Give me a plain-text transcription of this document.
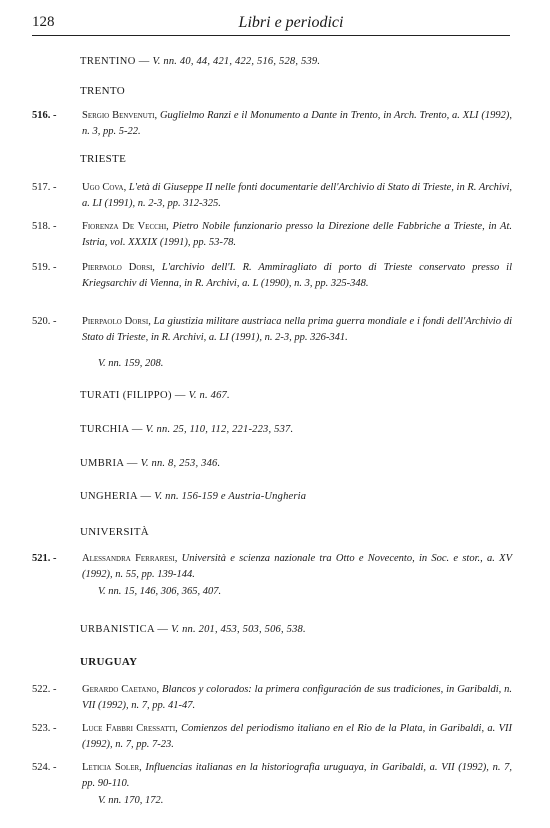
128	Libri e periodici
TRENTINO — V. nn. 40, 44, 421, 422, 516, 528, 539.
TRENTO
516. - Sergio Benvenuti, Guglielmo Ranzi e il Monumento a Dante in Trento, in Arch. Trento, a. XLI (1992), n. 3, pp. 5-22.
TRIESTE
517. - Ugo Cova, L'età di Giuseppe II nelle fonti documentarie dell'Archivio di Stato di Trieste, in R. Archivi, a. LI (1991), n. 2-3, pp. 312-325.
518. - Fiorenza De Vecchi, Pietro Nobile funzionario presso la Direzione delle Fabbriche a Trieste, in At. Istria, vol. XXXIX (1991), pp. 53-78.
519. - Pierpaolo Dorsi, L'archivio dell'I. R. Ammiragliato di porto di Trieste conservato presso il Kriegsarchiv di Vienna, in R. Archivi, a. L (1990), n. 3, pp. 325-348.
520. - Pierpaolo Dorsi, La giustizia militare austriaca nella prima guerra mondiale e i fondi dell'Archivio di Stato di Trieste, in R. Archivi, a. LI (1991), n. 2-3, pp. 326-341.
V. nn. 159, 208.
TURATI (FILIPPO) — V. n. 467.
TURCHIA — V. nn. 25, 110, 112, 221-223, 537.
UMBRIA — V. nn. 8, 253, 346.
UNGHERIA — V. nn. 156-159 e Austria-Ungheria
UNIVERSITÀ
521. - Alessandra Ferraresi, Università e scienza nazionale tra Otto e Novecento, in Soc. e stor., a. XV (1992), n. 55, pp. 139-144.
V. nn. 15, 146, 306, 365, 407.
URBANISTICA — V. nn. 201, 453, 503, 506, 538.
URUGUAY
522. - Gerardo Caetano, Blancos y colorados: la primera configuración de sus tradiciones, in Garibaldi, n. VII (1992), n. 7, pp. 41-47.
523. - Luce Fabbri Cressatti, Comienzos del periodismo italiano en el Rio de la Plata, in Garibaldi, a. VII (1992), n. 7, pp. 7-23.
524. - Leticia Soler, Influencias italianas en la historiografia uruguaya, in Garibaldi, a. VII (1992), n. 7, pp. 90-110.
V. nn. 170, 172.
